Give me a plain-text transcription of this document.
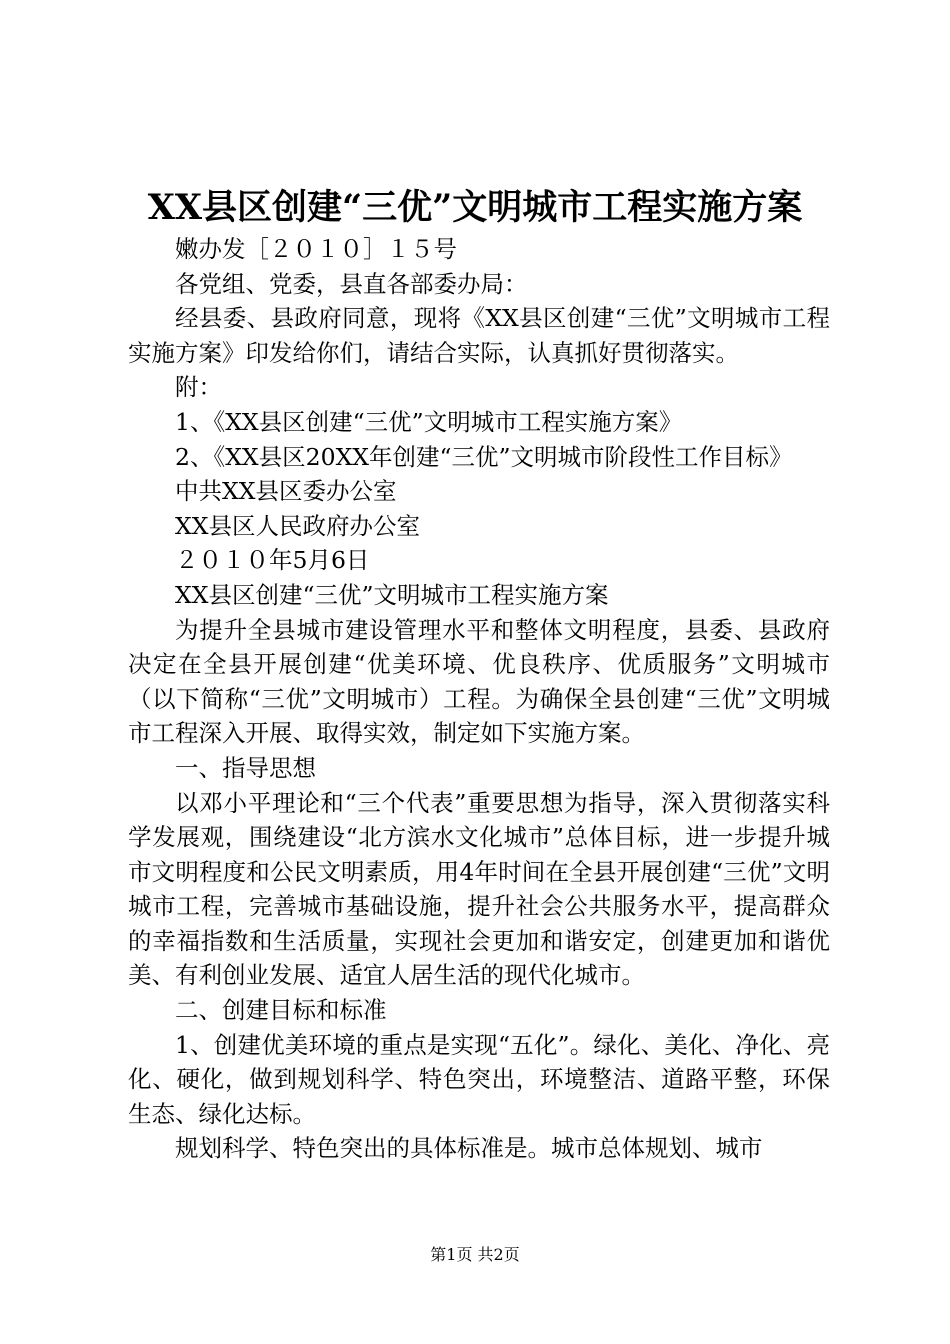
XX县区创建“三优”文明城市工程实施方案

嫩办发［２０１０］１５号

各党组、党委，县直各部委办局：

经县委、县政府同意，现将《XX县区创建“三优”文明城市工程实施方案》印发给你们，请结合实际，认真抓好贯彻落实。

附：

1、《XX县区创建“三优”文明城市工程实施方案》

2、《XX县区20XX年创建“三优”文明城市阶段性工作目标》

中共XX县区委办公室

XX县区人民政府办公室

２０１０年5月6日

XX县区创建“三优”文明城市工程实施方案

为提升全县城市建设管理水平和整体文明程度，县委、县政府决定在全县开展创建“优美环境、优良秩序、优质服务”文明城市（以下简称“三优”文明城市）工程。为确保全县创建“三优”文明城市工程深入开展、取得实效，制定如下实施方案。

一、指导思想

以邓小平理论和“三个代表”重要思想为指导，深入贯彻落实科学发展观，围绕建设“北方滨水文化城市”总体目标，进一步提升城市文明程度和公民文明素质，用4年时间在全县开展创建“三优”文明城市工程，完善城市基础设施，提升社会公共服务水平，提高群众的幸福指数和生活质量，实现社会更加和谐安定，创建更加和谐优美、有利创业发展、适宜人居生活的现代化城市。

二、创建目标和标准

1、创建优美环境的重点是实现“五化”。绿化、美化、净化、亮化、硬化，做到规划科学、特色突出，环境整洁、道路平整，环保生态、绿化达标。

规划科学、特色突出的具体标准是。城市总体规划、城市

第1页 共2页
